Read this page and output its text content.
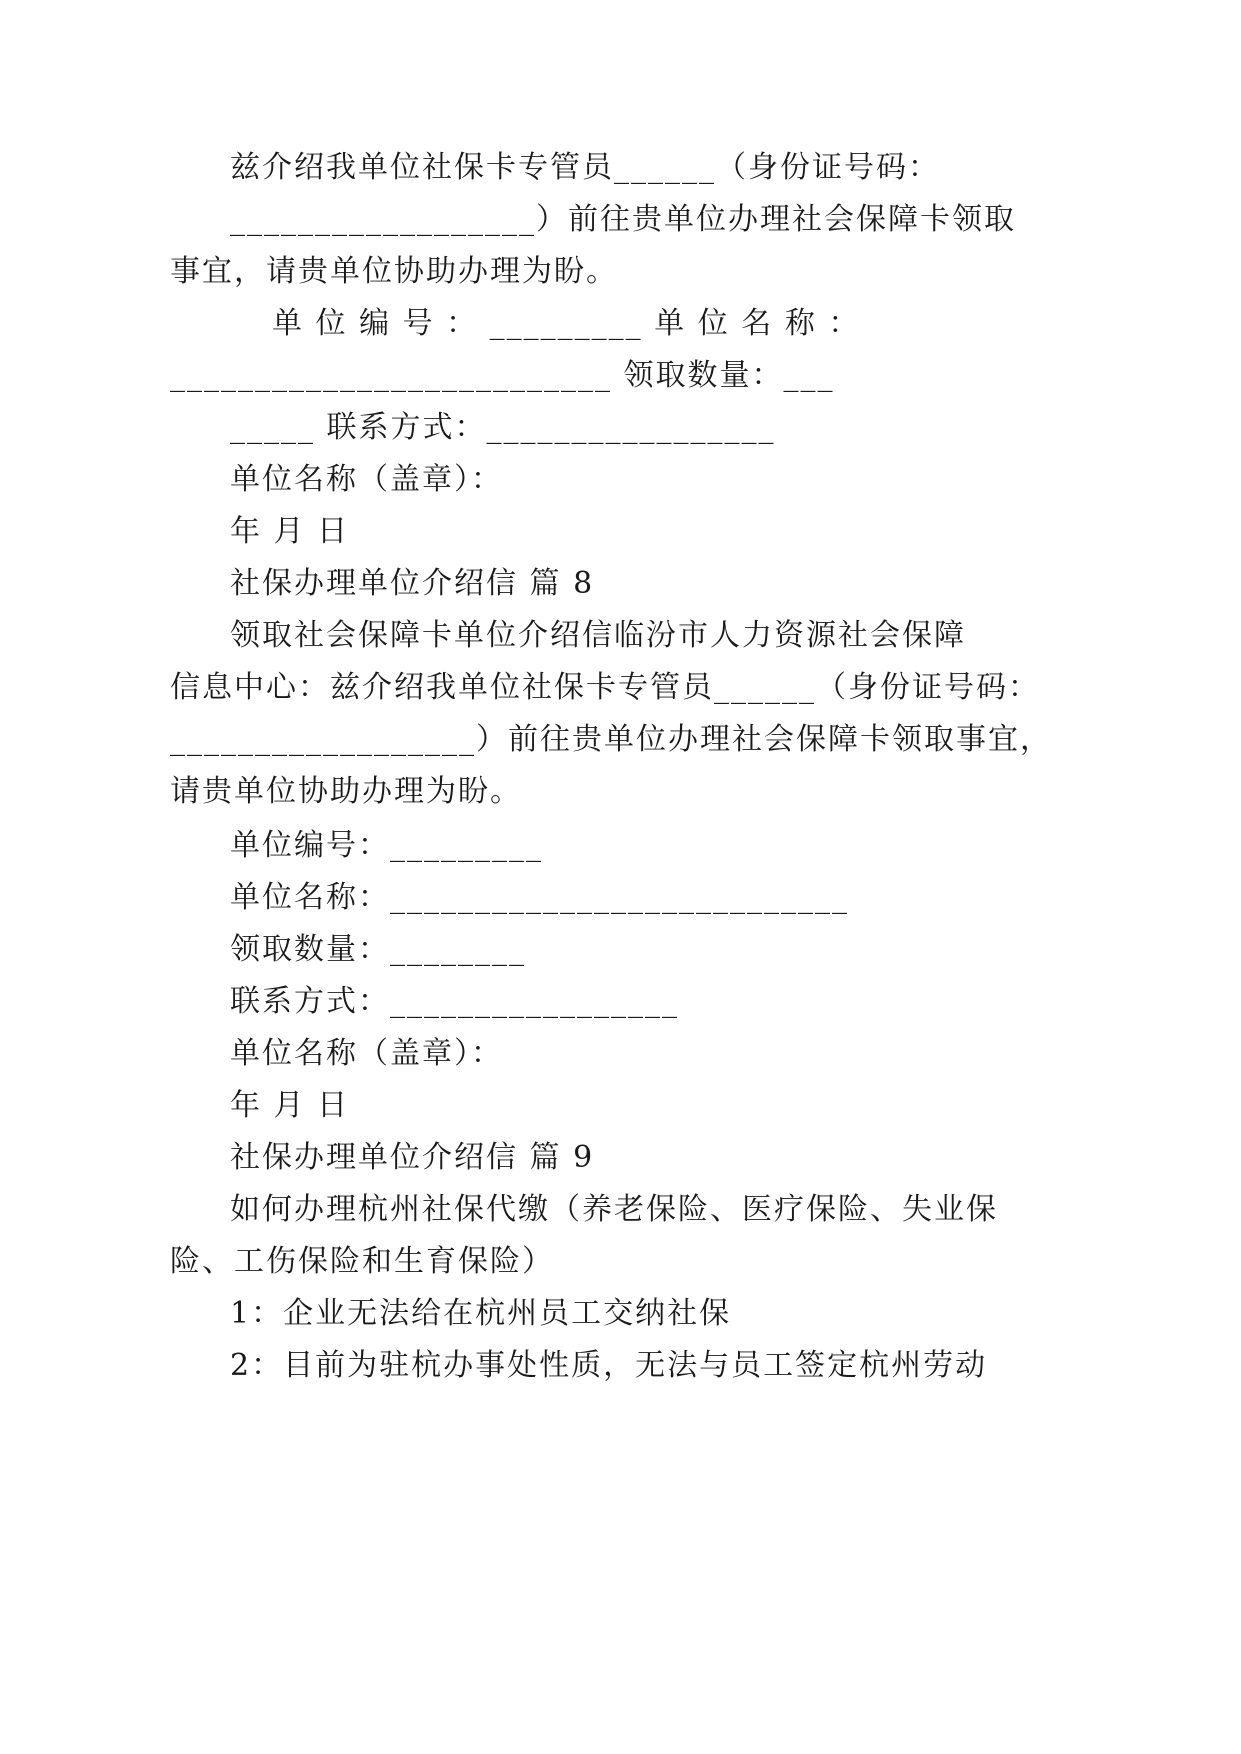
兹介绍我单位社保卡专管员______（身份证号码：
__________________）前往贵单位办理社会保障卡领取
事宜，请贵单位协助办理为盼。
单 位 编 号 ： _________ 单 位 名 称 ：
__________________________ 领取数量：___
_____ 联系方式：_________________
单位名称（盖章）：
年 月 日
社保办理单位介绍信 篇 8
领取社会保障卡单位介绍信临汾市人力资源社会保障
信息中心：兹介绍我单位社保卡专管员______（身份证号码：
__________________）前往贵单位办理社会保障卡领取事宜，
请贵单位协助办理为盼。
单位编号：_________
单位名称：___________________________
领取数量：________
联系方式：_________________
单位名称（盖章）：
年 月 日
社保办理单位介绍信 篇 9
如何办理杭州社保代缴（养老保险、医疗保险、失业保
险、工伤保险和生育保险）
1：企业无法给在杭州员工交纳社保
2：目前为驻杭办事处性质，无法与员工签定杭州劳动
